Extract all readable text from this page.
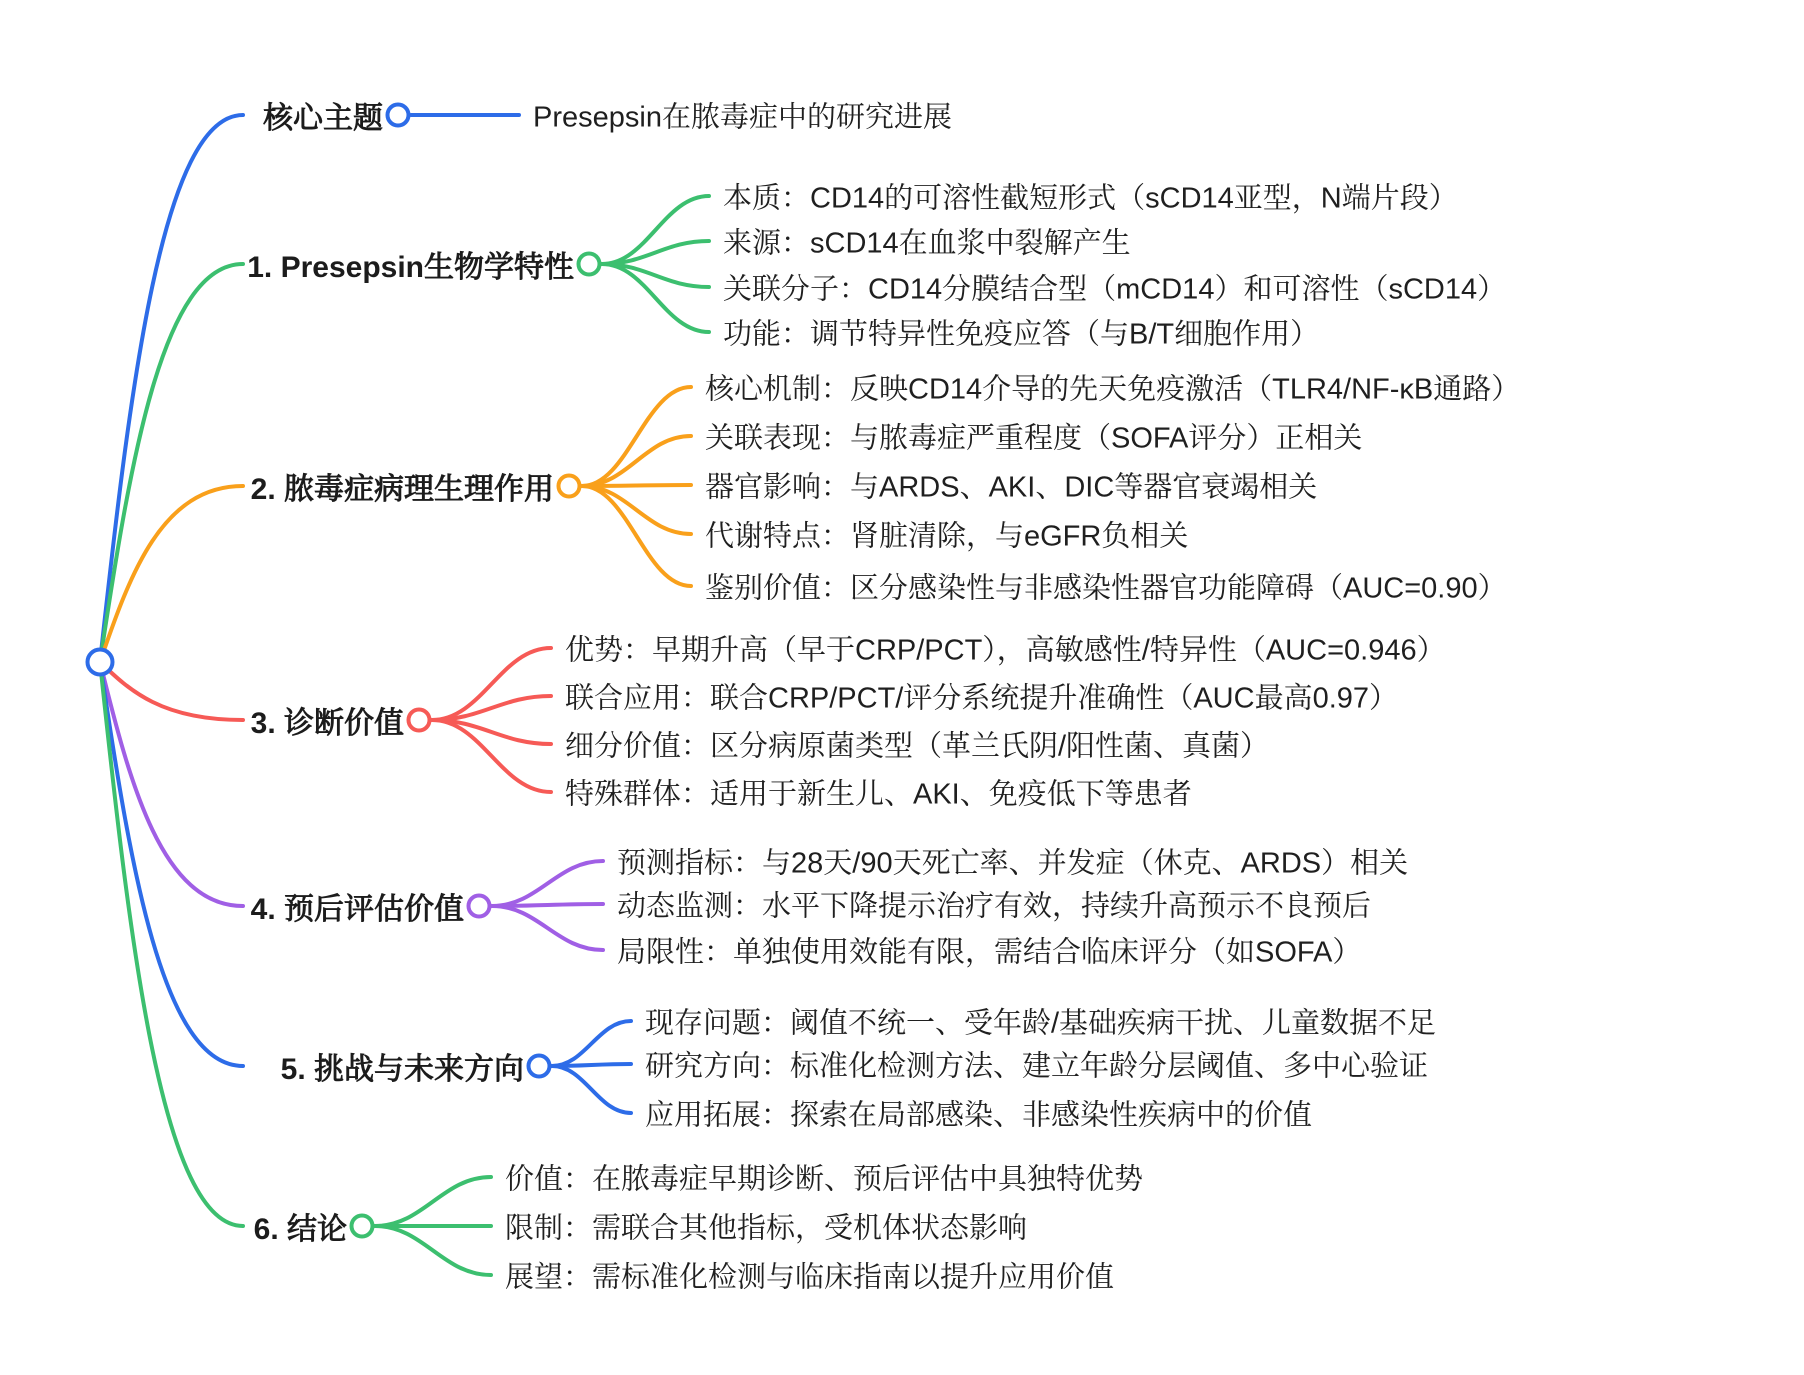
核心主题	Presepsin在脓毒症中的研究进展
1. Presepsin生物学特性
本质：CD14的可溶性截短形式（sCD14亚型，N端片段）
来源：sCD14在血浆中裂解产生
关联分子：CD14分膜结合型（mCD14）和可溶性（sCD14）
功能：调节特异性免疫应答（与B/T细胞作用）
2. 脓毒症病理生理作用
核心机制：反映CD14介导的先天免疫激活（TLR4/NF-κB通路）
关联表现：与脓毒症严重程度（SOFA评分）正相关
器官影响：与ARDS、AKI、DIC等器官衰竭相关
代谢特点：肾脏清除，与eGFR负相关
鉴别价值：区分感染性与非感染性器官功能障碍（AUC=0.90）
3. 诊断价值
优势：早期升高（早于CRP/PCT），高敏感性/特异性（AUC=0.946）
联合应用：联合CRP/PCT/评分系统提升准确性（AUC最高0.97）
细分价值：区分病原菌类型（革兰氏阴/阳性菌、真菌）
特殊群体：适用于新生儿、AKI、免疫低下等患者
4. 预后评估价值
预测指标：与28天/90天死亡率、并发症（休克、ARDS）相关
动态监测：水平下降提示治疗有效，持续升高预示不良预后
局限性：单独使用效能有限，需结合临床评分（如SOFA）
5. 挑战与未来方向
现存问题：阈值不统一、受年龄/基础疾病干扰、儿童数据不足
研究方向：标准化检测方法、建立年龄分层阈值、多中心验证
应用拓展：探索在局部感染、非感染性疾病中的价值
6. 结论
价值：在脓毒症早期诊断、预后评估中具独特优势
限制：需联合其他指标，受机体状态影响
展望：需标准化检测与临床指南以提升应用价值
